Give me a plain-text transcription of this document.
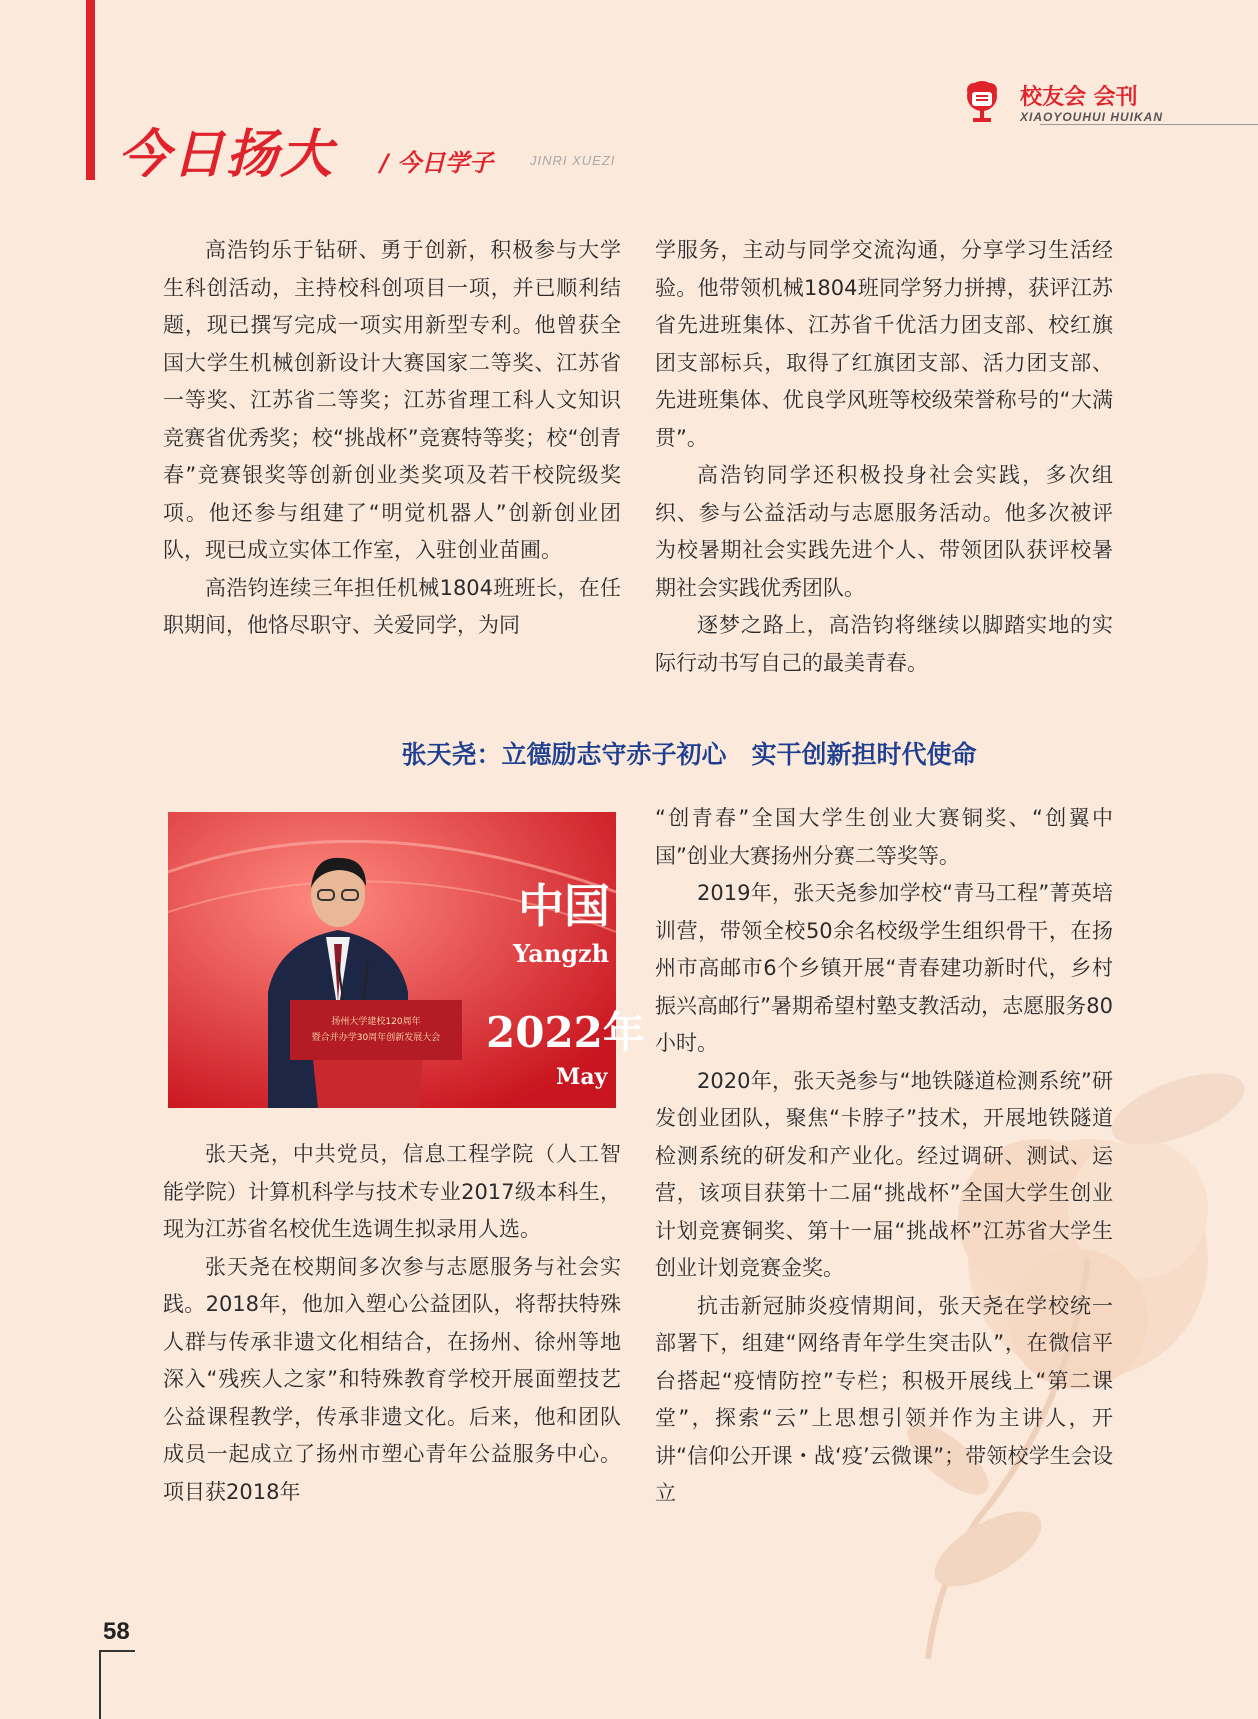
今日扬大 / 今日学子	JINRI XUEZI
校友会 会刊
XIAOYOUHUI HUIKAN

高浩钧乐于钻研、勇于创新，积极参与大学生科创活动，主持校科创项目一项，并已顺利结题，现已撰写完成一项实用新型专利。他曾获全国大学生机械创新设计大赛国家二等奖、江苏省一等奖、江苏省二等奖；江苏省理工科人文知识竞赛省优秀奖；校“挑战杯”竞赛特等奖；校“创青春”竞赛银奖等创新创业类奖项及若干校院级奖项。他还参与组建了“明觉机器人”创新创业团队，现已成立实体工作室，入驻创业苗圃。

高浩钧连续三年担任机械1804班班长，在任职期间，他恪尽职守、关爱同学，为同

学服务，主动与同学交流沟通，分享学习生活经验。他带领机械1804班同学努力拼搏，获评江苏省先进班集体、江苏省千优活力团支部、校红旗团支部标兵，取得了红旗团支部、活力团支部、先进班集体、优良学风班等校级荣誉称号的“大满贯”。

高浩钧同学还积极投身社会实践，多次组织、参与公益活动与志愿服务活动。他多次被评为校暑期社会实践先进个人、带领团队获评校暑期社会实践优秀团队。

逐梦之路上，高浩钧将继续以脚踏实地的实际行动书写自己的最美青春。

张天尧：立德励志守赤子初心　实干创新担时代使命
中国
Yangzh
2022年
May
扬州大学建校120周年
暨合并办学30周年创新发展大会

张天尧，中共党员，信息工程学院（人工智能学院）计算机科学与技术专业2017级本科生，现为江苏省名校优生选调生拟录用人选。

张天尧在校期间多次参与志愿服务与社会实践。2018年，他加入塑心公益团队，将帮扶特殊人群与传承非遗文化相结合，在扬州、徐州等地深入“残疾人之家”和特殊教育学校开展面塑技艺公益课程教学，传承非遗文化。后来，他和团队成员一起成立了扬州市塑心青年公益服务中心。项目获2018年

“创青春”全国大学生创业大赛铜奖、“创翼中国”创业大赛扬州分赛二等奖等。

2019年，张天尧参加学校“青马工程”菁英培训营，带领全校50余名校级学生组织骨干，在扬州市高邮市6个乡镇开展“青春建功新时代，乡村振兴高邮行”暑期希望村塾支教活动，志愿服务80小时。

2020年，张天尧参与“地铁隧道检测系统”研发创业团队，聚焦“卡脖子”技术，开展地铁隧道检测系统的研发和产业化。经过调研、测试、运营，该项目获第十二届“挑战杯”全国大学生创业计划竞赛铜奖、第十一届“挑战杯”江苏省大学生创业计划竞赛金奖。

抗击新冠肺炎疫情期间，张天尧在学校统一部署下，组建“网络青年学生突击队”，在微信平台搭起“疫情防控”专栏；积极开展线上“第二课堂”，探索“云”上思想引领并作为主讲人，开讲“信仰公开课・战‘疫’云微课”；带领校学生会设立

58
